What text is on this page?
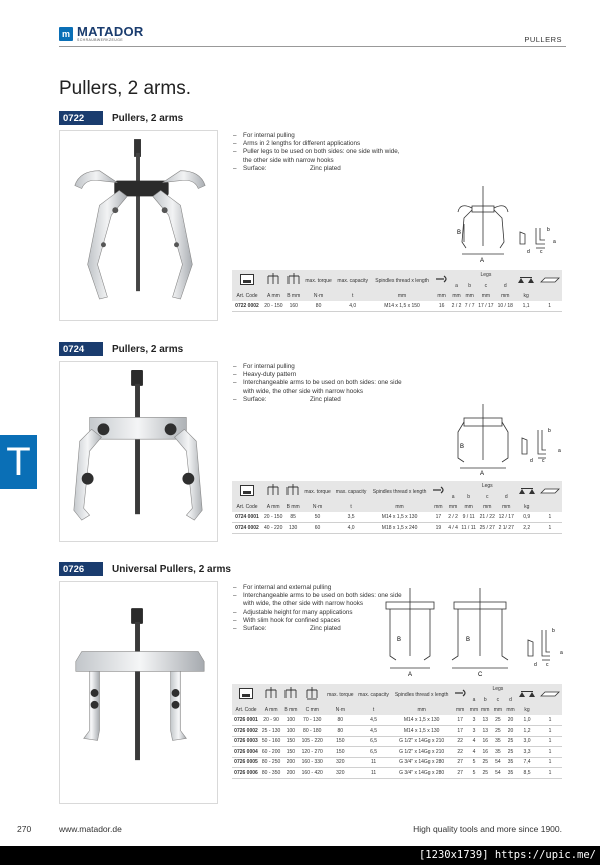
m MATADOR
SCHRAUBWERKZEUGE	PULLERS
Pullers, 2 arms.
0722	Pullers, 2 arms
– For internal pulling
– Arms in 2 lengths for different applications
– Puller legs to be used on both sides: one side with wide, the other side with narrow hooks
– Surface:	Zinc plated
B
A
b
a
d c
			max. torque	max. capacity	Spindles thread x length		a	b	Legs
c	d		
Art. Code	A mm	B mm	N·m	t	mm	mm	mm	mm	mm	mm	kg	
0722 0002	20 - 150	160	80	4,0	M14 x 1,5 x 150	16	2 / 2	7 / 7	17 / 17	10 / 18	1,1	1
0724	Pullers, 2 arms
– For internal pulling
– Heavy-duty pattern
– Interchangeable arms to be used on both sides: one side with wide, the other side with narrow hooks
– Surface:	Zinc plated
B
A
b
a
d c
			max. torque	max. capacity	Spindles thread x length		a	b	Legs
c	d		
Art. Code	A mm	B mm	N·m	t	mm	mm	mm	mm	mm	mm	kg	
0724 0001	20 - 150	85	50	3,5	M14 x 1,5 x 130	17	2 / 2	9 / 11	21 / 22	12 / 17	0,9	1
0724 0002	40 - 220	130	60	4,0	M18 x 1,5 x 240	19	4 / 4	11 / 11	25 / 27	2 1/ 27	2,2	1
T
0726	Universal Pullers, 2 arms
– For internal and external pulling
– Interchangeable arms to be used on both sides: one side with wide, the other side with narrow hooks
– Adjustable height for many applications
– With slim hook for confined spaces
– Surface:	Zinc plated
B
A
B
C
b
a
d c
				max. torque	max. capacity	Spindles thread x length		a	b	Legs
c	d		
Art. Code	A mm	B mm	C mm	N·m	t	mm	mm	mm	mm	mm	mm	kg	
0726 0001	20 - 90	100	70 - 130	80	4,5	M14 x 1,5 x 130	17	3	13	25	20	1,0	1
0726 0002	25 - 130	100	80 - 180	80	4,5	M14 x 1,5 x 130	17	3	13	25	20	1,2	1
0726 0003	50 - 160	150	105 - 220	150	6,5	G 1/2" x 14Gg x 210	22	4	16	35	25	3,0	1
0726 0004	60 - 200	150	120 - 270	150	6,5	G 1/2" x 14Gg x 210	22	4	16	35	25	3,3	1
0726 0005	80 - 250	200	160 - 330	320	11	G 3/4" x 14Gg x 280	27	5	25	54	35	7,4	1
0726 0006	80 - 350	200	160 - 420	320	11	G 3/4" x 14Gg x 280	27	5	25	54	35	8,5	1
270	www.matador.de	High quality tools and more since 1900.
[1230x1739] https://upic.me/
